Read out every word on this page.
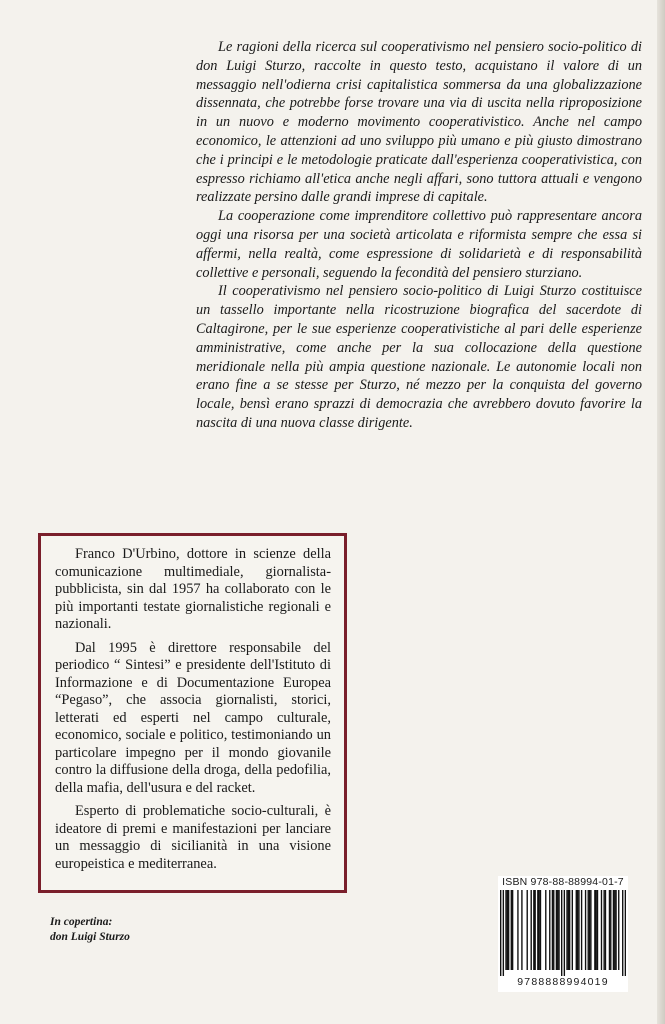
Le ragioni della ricerca sul cooperativismo nel pensiero socio-politico di don Luigi Sturzo, raccolte in questo testo, acquistano il valore di un messaggio nell'odierna crisi capitalistica sommersa da una globalizzazione dissennata, che potrebbe forse trovare una via di uscita nella riproposizione in un nuovo e moderno movimento cooperativistico. Anche nel campo economico, le attenzioni ad uno sviluppo più umano e più giusto dimostrano che i principi e le metodologie praticate dall'esperienza cooperativistica, con espresso richiamo all'etica anche negli affari, sono tuttora attuali e vengono realizzate persino dalle grandi imprese di capitale.

La cooperazione come imprenditore collettivo può rappresentare ancora oggi una risorsa per una società articolata e riformista sempre che essa si affermi, nella realtà, come espressione di solidarietà e di responsabilità collettive e personali, seguendo la fecondità del pensiero sturziano.

Il cooperativismo nel pensiero socio-politico di Luigi Sturzo costituisce un tassello importante nella ricostruzione biografica del sacerdote di Caltagirone, per le sue esperienze cooperativistiche al pari delle esperienze amministrative, come anche per la sua collocazione della questione meridionale nella più ampia questione nazionale. Le autonomie locali non erano fine a se stesse per Sturzo, né mezzo per la conquista del governo locale, bensì erano sprazzi di democrazia che avrebbero dovuto favorire la nascita di una nuova classe dirigente.

Franco D'Urbino, dottore in scienze della comunicazione multimediale, giornalista-pubblicista, sin dal 1957 ha collaborato con le più importanti testate giornalistiche regionali e nazionali.

Dal 1995 è direttore responsabile del periodico “ Sintesi” e presidente dell'Istituto di Informazione e di Documentazione Europea “Pegaso”, che associa giornalisti, storici, letterati ed esperti nel campo culturale, economico, sociale e politico, testimoniando un particolare impegno per il mondo giovanile contro la diffusione della droga, della pedofilia, della mafia, dell'usura e del racket.

Esperto di problematiche socio-culturali, è ideatore di premi e manifestazioni per lanciare un messaggio di sicilianità in una visione europeistica e mediterranea.

In copertina:
don Luigi Sturzo
ISBN 978-88-88994-01-7
9788888994019
